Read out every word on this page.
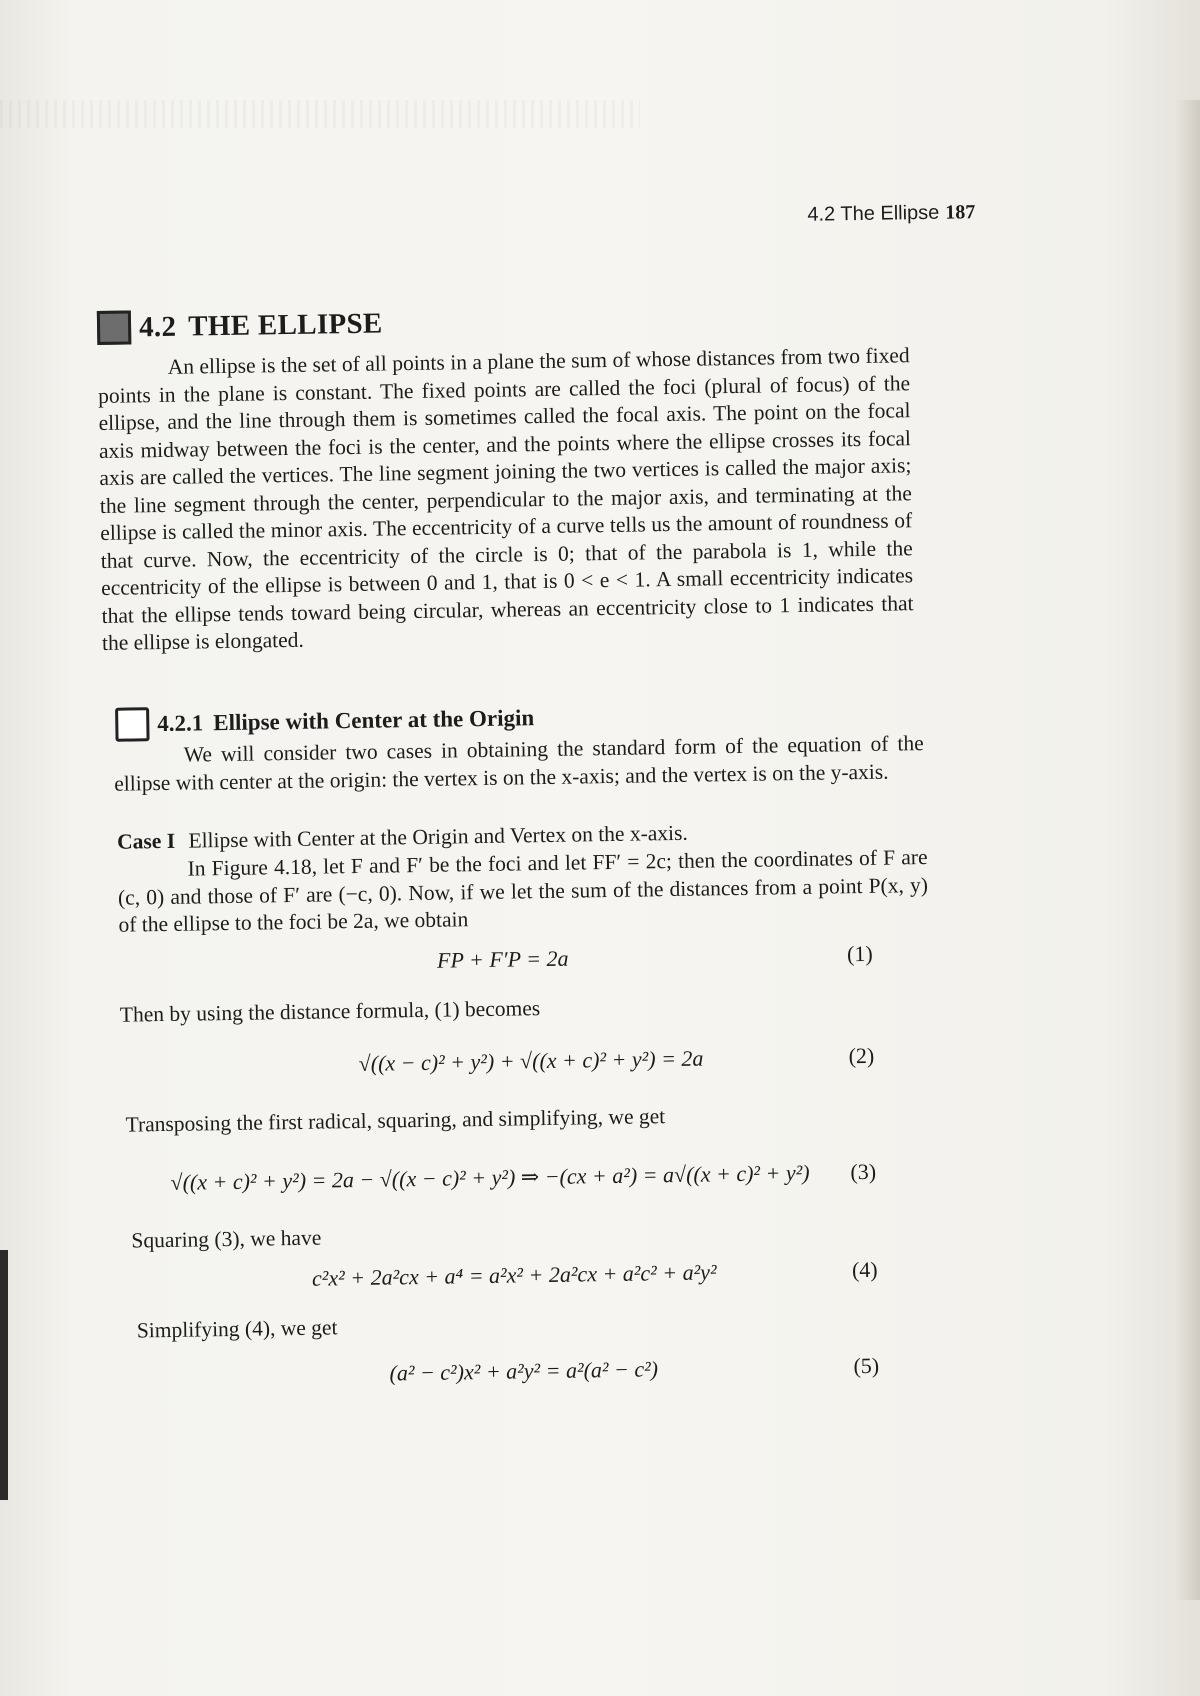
4.2 The Ellipse 187
4.2 THE ELLIPSE

An ellipse is the set of all points in a plane the sum of whose distances from two fixed points in the plane is constant. The fixed points are called the foci (plural of focus) of the ellipse, and the line through them is sometimes called the focal axis. The point on the focal axis midway between the foci is the center, and the points where the ellipse crosses its focal axis are called the vertices. The line segment joining the two vertices is called the major axis; the line segment through the center, perpendicular to the major axis, and terminating at the ellipse is called the minor axis. The eccentricity of a curve tells us the amount of roundness of that curve. Now, the eccentricity of the circle is 0; that of the parabola is 1, while the eccentricity of the ellipse is between 0 and 1, that is 0 < e < 1. A small eccentricity indicates that the ellipse tends toward being circular, whereas an eccentricity close to 1 indicates that the ellipse is elongated.

4.2.1 Ellipse with Center at the Origin

We will consider two cases in obtaining the standard form of the equation of the ellipse with center at the origin: the vertex is on the x-axis; and the vertex is on the y-axis.

Case I Ellipse with Center at the Origin and Vertex on the x-axis.

In Figure 4.18, let F and F′ be the foci and let FF′ = 2c; then the coordinates of F are (c, 0) and those of F′ are (−c, 0). Now, if we let the sum of the distances from a point P(x, y) of the ellipse to the foci be 2a, we obtain

FP + F′P = 2a	(1)
Then by using the distance formula, (1) becomes
√((x − c)² + y²) + √((x + c)² + y²) = 2a	(2)
Transposing the first radical, squaring, and simplifying, we get
√((x + c)² + y²) = 2a − √((x − c)² + y²) ⇒ −(cx + a²) = a√((x + c)² + y²) (3)
Squaring (3), we have
c²x² + 2a²cx + a⁴ = a²x² + 2a²cx + a²c² + a²y²	(4)
Simplifying (4), we get
(a² − c²)x² + a²y² = a²(a² − c²)	(5)
